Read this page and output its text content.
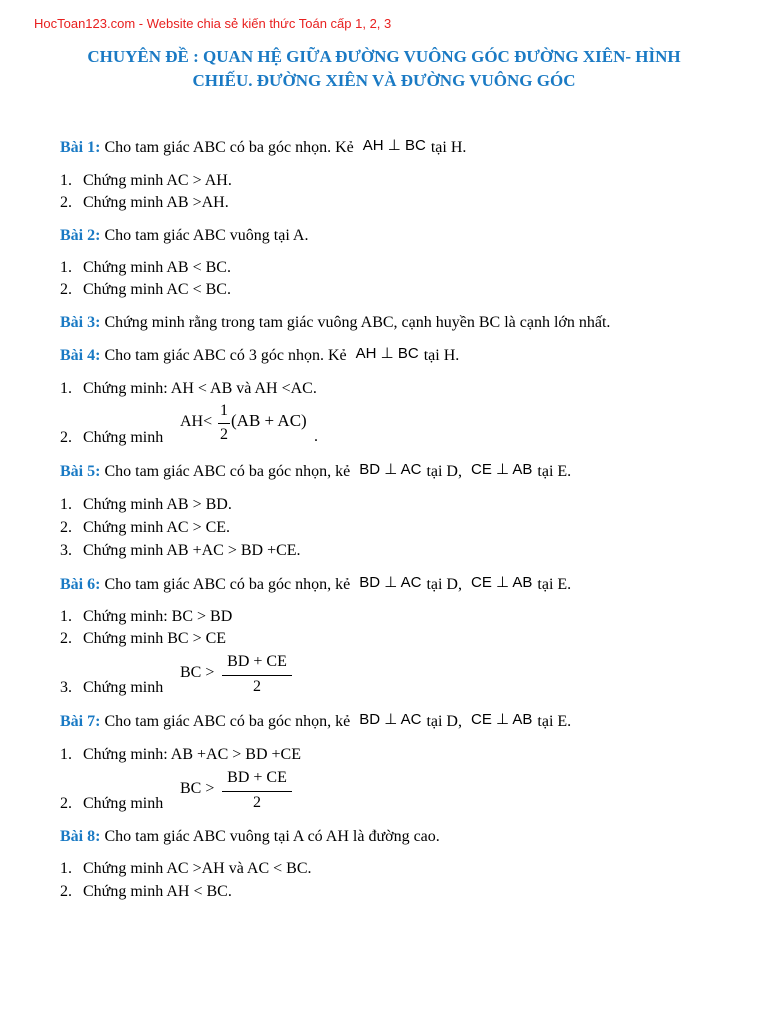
HocToan123.com - Website chia sẻ kiến thức Toán cấp 1, 2, 3
CHUYÊN ĐỀ : QUAN HỆ GIỮA ĐƯỜNG VUÔNG GÓC ĐƯỜNG XIÊN- HÌNH
CHIẾU. ĐƯỜNG XIÊN VÀ ĐƯỜNG VUÔNG GÓC
Bài 1: Cho tam giác ABC có ba góc nhọn. Kẻ AH ⊥ BC tại H.
1. Chứng minh AC > AH.
2. Chứng minh AB >AH.
Bài 2: Cho tam giác ABC vuông tại A.
1. Chứng minh AB < BC.
2. Chứng minh AC < BC.
Bài 3: Chứng minh rằng trong tam giác vuông ABC, cạnh huyền BC là cạnh lớn nhất.
Bài 4: Cho tam giác ABC có 3 góc nhọn. Kẻ AH ⊥ BC tại H.
1. Chứng minh: AH < AB và AH <AC.
2. Chứng minh
AH<
1
2
(AB + AC)
.
Bài 5: Cho tam giác ABC có ba góc nhọn, kẻ BD ⊥ AC tại D, CE ⊥ AB tại E.
1. Chứng minh AB > BD.
2. Chứng minh AC > CE.
3. Chứng minh AB +AC > BD +CE.
Bài 6: Cho tam giác ABC có ba góc nhọn, kẻ BD ⊥ AC tại D, CE ⊥ AB tại E.
1. Chứng minh: BC > BD
2. Chứng minh BC > CE
3. Chứng minh
BC >
BD + CE
2
Bài 7: Cho tam giác ABC có ba góc nhọn, kẻ BD ⊥ AC tại D, CE ⊥ AB tại E.
1. Chứng minh: AB +AC > BD +CE
2. Chứng minh
BC >
BD + CE
2
Bài 8: Cho tam giác ABC vuông tại A có AH là đường cao.
1. Chứng minh AC >AH và AC < BC.
2. Chứng minh AH < BC.
